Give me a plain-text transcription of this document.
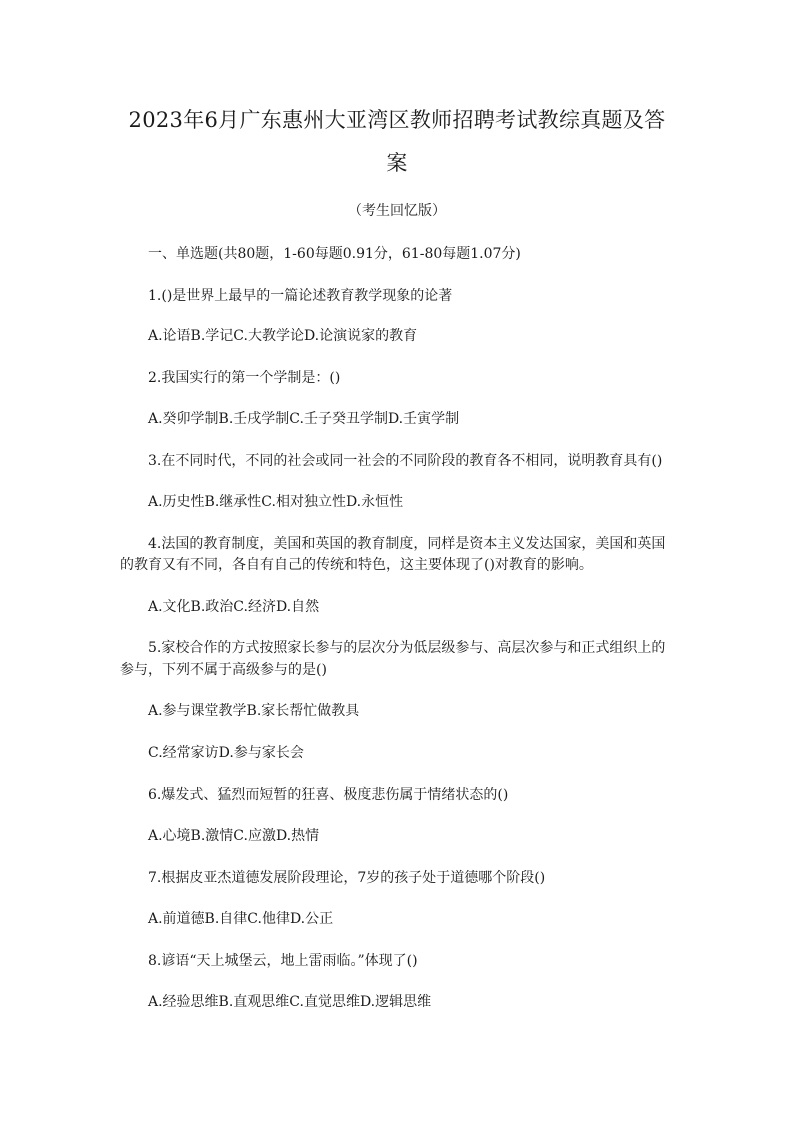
2023年6月广东惠州大亚湾区教师招聘考试教综真题及答
案
（考生回忆版）
一、单选题(共80题，1-60每题0.91分，61-80每题1.07分)
1.()是世界上最早的一篇论述教育教学现象的论著
A.论语B.学记C.大教学论D.论演说家的教育
2.我国实行的第一个学制是：()
A.癸卯学制B.壬戌学制C.壬子癸丑学制D.壬寅学制
3.在不同时代，不同的社会或同一社会的不同阶段的教育各不相同，说明教育具有()
A.历史性B.继承性C.相对独立性D.永恒性
4.法国的教育制度，美国和英国的教育制度，同样是资本主义发达国家，美国和英国
的教育又有不同，各自有自己的传统和特色，这主要体现了()对教育的影响。
A.文化B.政治C.经济D.自然
5.家校合作的方式按照家长参与的层次分为低层级参与、高层次参与和正式组织上的
参与，下列不属于高级参与的是()
A.参与课堂教学B.家长帮忙做教具
C.经常家访D.参与家长会
6.爆发式、猛烈而短暂的狂喜、极度悲伤属于情绪状态的()
A.心境B.激情C.应激D.热情
7.根据皮亚杰道德发展阶段理论，7岁的孩子处于道德哪个阶段()
A.前道德B.自律C.他律D.公正
8.谚语“天上城堡云，地上雷雨临。”体现了()
A.经验思维B.直观思维C.直觉思维D.逻辑思维
